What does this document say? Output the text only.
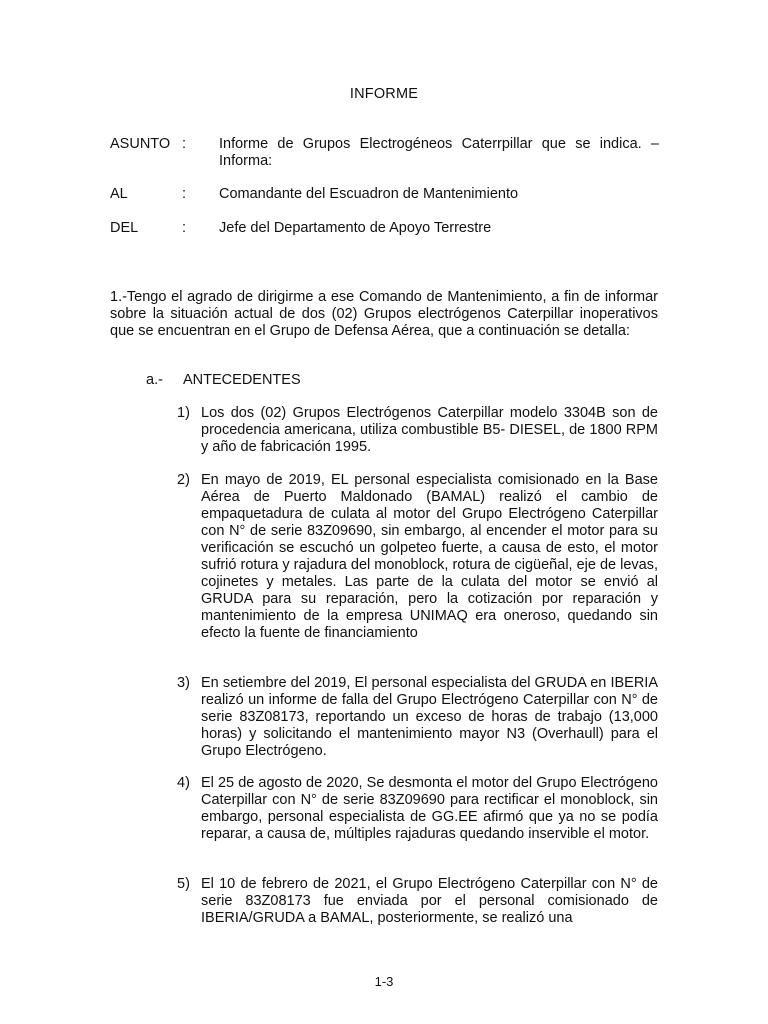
INFORME
ASUNTO : Informe de Grupos Electrogéneos Caterrpillar que se indica. – Informa:
AL	: Comandante del Escuadron de Mantenimiento
DEL	: Jefe del Departamento de Apoyo Terrestre
1.-Tengo el agrado de dirigirme a ese Comando de Mantenimiento, a fin de informar sobre la situación actual de dos (02) Grupos electrógenos Caterpillar inoperativos que se encuentran en el Grupo de Defensa Aérea, que a continuación se detalla:
a.- ANTECEDENTES
1) Los dos (02) Grupos Electrógenos Caterpillar modelo 3304B son de procedencia americana, utiliza combustible B5- DIESEL, de 1800 RPM y año de fabricación 1995.
2) En mayo de 2019, EL personal especialista comisionado en la Base Aérea de Puerto Maldonado (BAMAL) realizó el cambio de empaquetadura de culata al motor del Grupo Electrógeno Caterpillar con N° de serie 83Z09690, sin embargo, al encender el motor para su verificación se escuchó un golpeteo fuerte, a causa de esto, el motor sufrió rotura y rajadura del monoblock, rotura de cigüeñal, eje de levas, cojinetes y metales. Las parte de la culata del motor se envió al GRUDA para su reparación, pero la cotización por reparación y mantenimiento de la empresa UNIMAQ era oneroso, quedando sin efecto la fuente de financiamiento
3) En setiembre del 2019, El personal especialista del GRUDA en IBERIA realizó un informe de falla del Grupo Electrógeno Caterpillar con N° de serie 83Z08173, reportando un exceso de horas de trabajo (13,000 horas) y solicitando el mantenimiento mayor N3 (Overhaull) para el Grupo Electrógeno.
4) El 25 de agosto de 2020, Se desmonta el motor del Grupo Electrógeno Caterpillar con N° de serie 83Z09690 para rectificar el monoblock, sin embargo, personal especialista de GG.EE afirmó que ya no se podía reparar, a causa de, múltiples rajaduras quedando inservible el motor.
5) El 10 de febrero de 2021, el Grupo Electrógeno Caterpillar con N° de serie 83Z08173 fue enviada por el personal comisionado de IBERIA/GRUDA a BAMAL, posteriormente, se realizó una
1-3
